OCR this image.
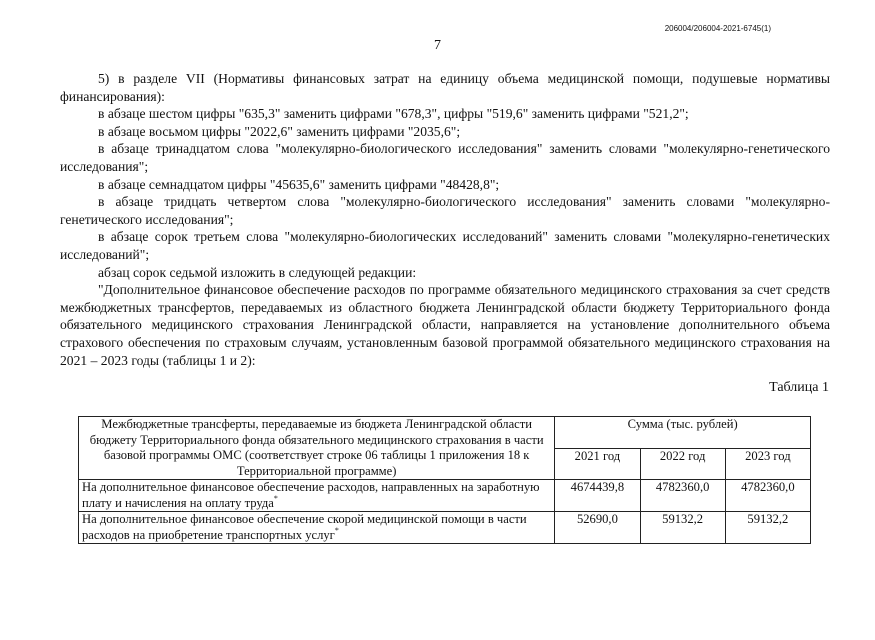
206004/206004-2021-6745(1)
7

5) в разделе VII (Нормативы финансовых затрат на единицу объема медицинской помощи, подушевые нормативы финансирования):

в абзаце шестом цифры "635,3" заменить цифрами "678,3", цифры "519,6" заменить цифрами "521,2";

в абзаце восьмом цифры "2022,6" заменить цифрами "2035,6";

в абзаце тринадцатом слова "молекулярно-биологического исследования" заменить словами "молекулярно-генетического исследования";

в абзаце семнадцатом цифры "45635,6" заменить цифрами "48428,8";

в абзаце тридцать четвертом слова "молекулярно-биологического исследования" заменить словами "молекулярно-генетического исследования";

в абзаце сорок третьем слова "молекулярно-биологических исследований" заменить словами "молекулярно-генетических исследований";

абзац сорок седьмой изложить в следующей редакции:

"Дополнительное финансовое обеспечение расходов по программе обязательного медицинского страхования за счет средств межбюджетных трансфертов, передаваемых из областного бюджета Ленинградской области бюджету Территориального фонда обязательного медицинского страхования Ленинградской области, направляется на установление дополнительного объема страхового обеспечения по страховым случаям, установленным базовой программой обязательного медицинского страхования на 2021 – 2023 годы (таблицы 1 и 2):

Таблица 1
Межбюджетные трансферты, передаваемые из бюджета Ленинградской области
бюджету Территориального фонда обязательного медицинского страхования в части базовой программы ОМС (соответствует строке 06 таблицы 1 приложения 18 к Территориальной программе)	Сумма (тыс. рублей)		
	2021 год	2022 год	2023 год
На дополнительное финансовое обеспечение расходов, направленных на заработную плату и начисления на оплату труда*	4674439,8	4782360,0	4782360,0
На дополнительное финансовое обеспечение скорой медицинской помощи в части расходов на приобретение транспортных услуг*	52690,0	59132,2	59132,2
